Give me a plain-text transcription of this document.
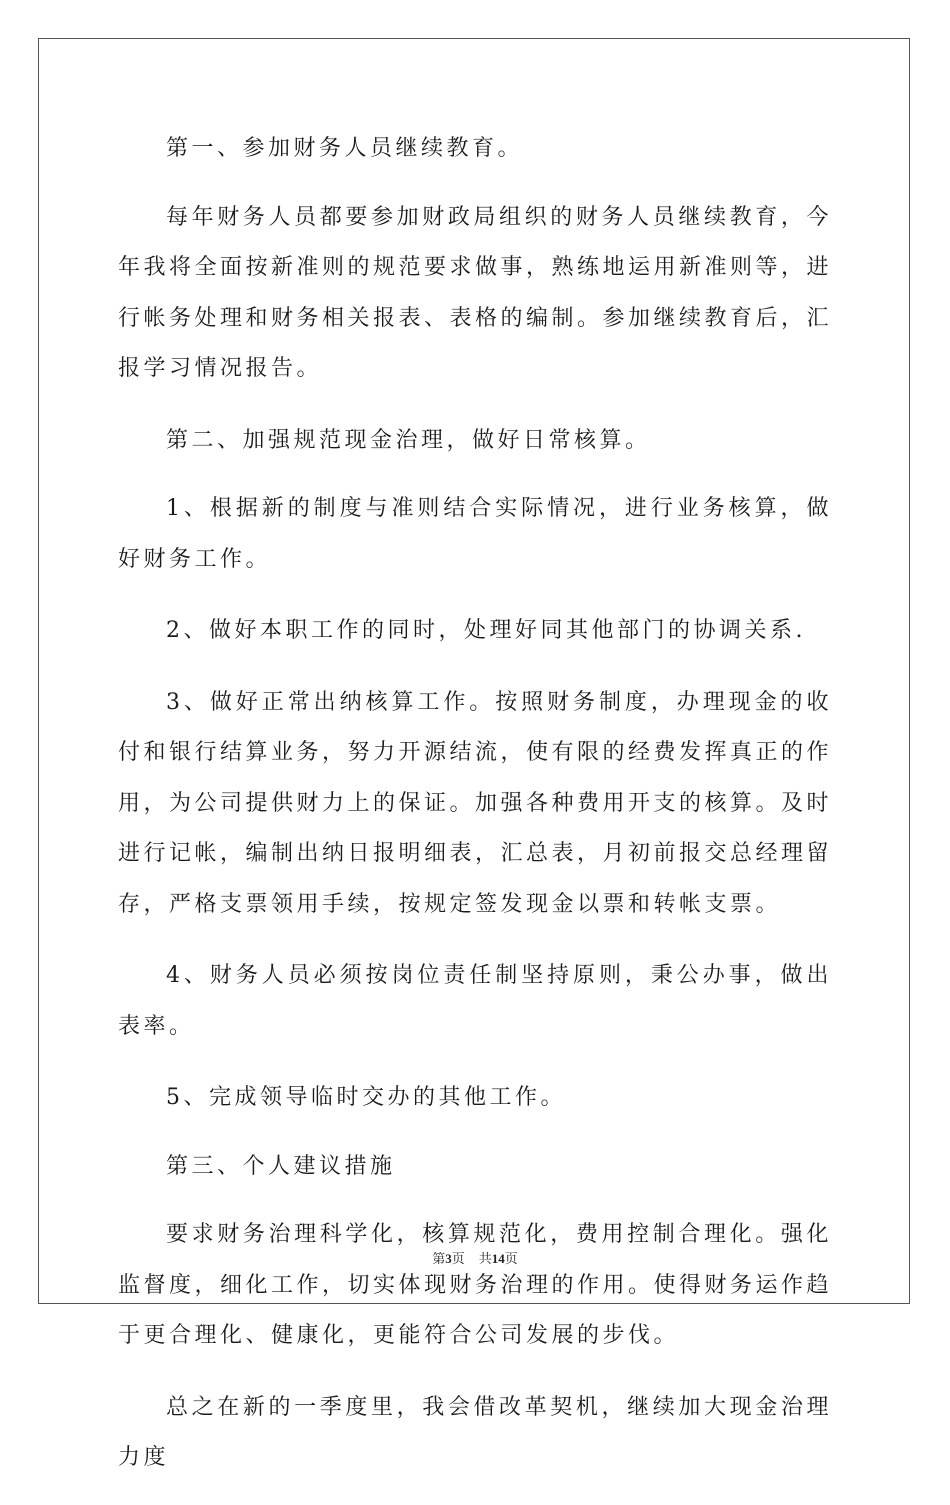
第一、参加财务人员继续教育。

每年财务人员都要参加财政局组织的财务人员继续教育，今年我将全面按新准则的规范要求做事，熟练地运用新准则等，进行帐务处理和财务相关报表、表格的编制。参加继续教育后，汇报学习情况报告。

第二、加强规范现金治理，做好日常核算。

1、根据新的制度与准则结合实际情况，进行业务核算，做好财务工作。

2、做好本职工作的同时，处理好同其他部门的协调关系.

3、做好正常出纳核算工作。按照财务制度，办理现金的收付和银行结算业务，努力开源结流，使有限的经费发挥真正的作用，为公司提供财力上的保证。加强各种费用开支的核算。及时进行记帐，编制出纳日报明细表，汇总表，月初前报交总经理留存，严格支票领用手续，按规定签发现金以票和转帐支票。

4、财务人员必须按岗位责任制坚持原则，秉公办事，做出表率。

5、完成领导临时交办的其他工作。

第三、个人建议措施

要求财务治理科学化，核算规范化，费用控制合理化。强化监督度，细化工作，切实体现财务治理的作用。使得财务运作趋于更合理化、健康化，更能符合公司发展的步伐。

总之在新的一季度里，我会借改革契机，继续加大现金治理力度

第3页 共14页
